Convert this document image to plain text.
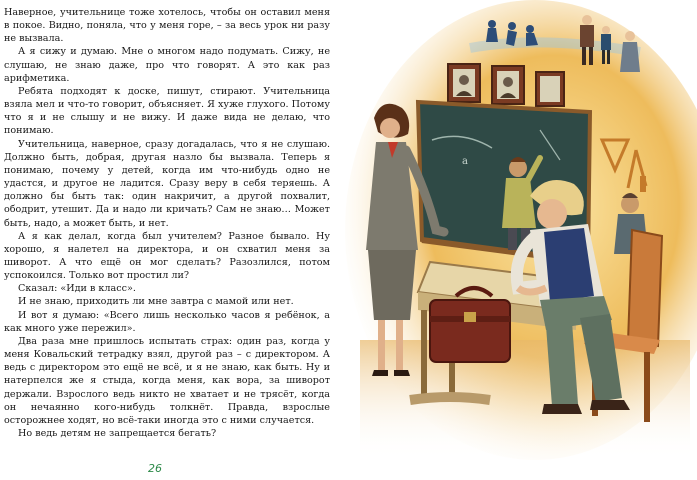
Наверное, учительнице тоже хотелось, чтобы он оставил меня в покое. Видно, поняла, что у меня горе, – за весь урок ни разу не вызвала.

А я сижу и думаю. Мне о многом надо подумать. Сижу, не слушаю, не знаю даже, про что говорят. А это как раз арифметика.

Ребята подходят к доске, пишут, стирают. Учительница взяла мел и что-то говорит, объясняет. Я хуже глухого. Потому что я и не слышу и не вижу. И даже вида не делаю, что понимаю.

Учительница, наверное, сразу догадалась, что я не слушаю. Должно быть, добрая, другая назло бы вызвала. Теперь я понимаю, почему у детей, когда им что-нибудь одно не удастся, и другое не ладится. Сразу веру в себя теряешь. А должно бы быть так: один накричит, а другой похвалит, ободрит, утешит. Да и надо ли кричать? Сам не знаю… Может быть, надо, а может быть, и нет.

А я как делал, когда был учителем? Разное бывало. Ну хорошо, я налетел на директора, и он схватил меня за шиворот. А что ещё он мог сделать? Разозлился, потом успокоился. Только вот простил ли?

Сказал: «Иди в класс».

И не знаю, приходить ли мне завтра с мамой или нет.

И вот я думаю: «Всего лишь несколько часов я ребёнок, а как много уже пережил».

Два раза мне пришлось испытать страх: один раз, когда у меня Ковальский тетрадку взял, другой раз – с директором. А ведь с директором это ещё не всё, и я не знаю, как быть. Ну и натерпелся же я стыда, когда меня, как вора, за шиворот держали. Взрослого ведь никто не хватает и не трясёт, когда он нечаянно кого-нибудь толкнёт. Правда, взрослые осторожнее ходят, но всё-таки иногда это с ними случается.

Но ведь детям не запрещается бегать?

26
a
